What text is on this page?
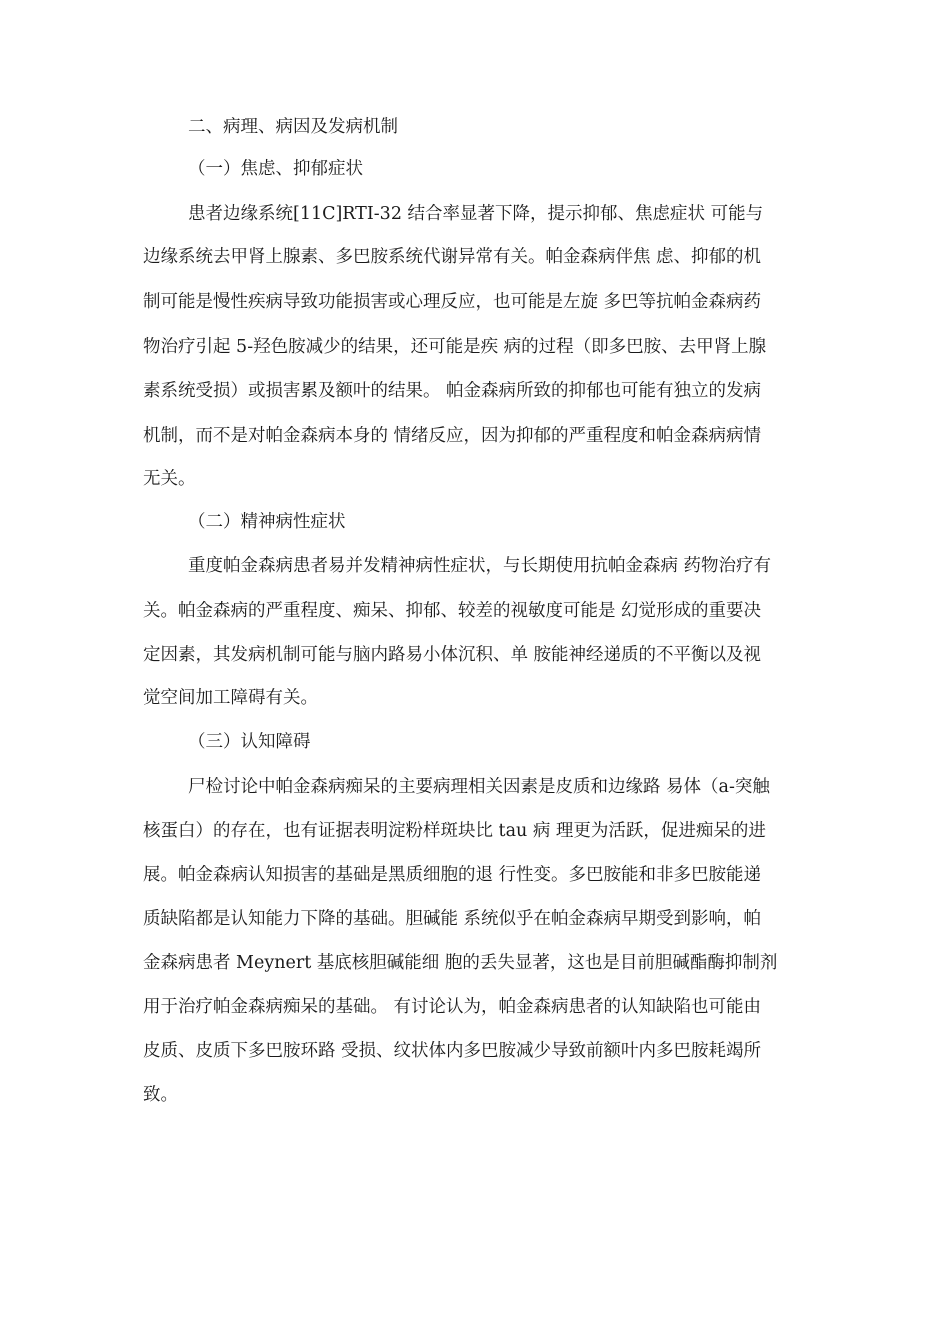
二、病理、病因及发病机制
（一）焦虑、抑郁症状
患者边缘系统[11C]RTI-32 结合率显著下降，提示抑郁、焦虑症状 可能与
边缘系统去甲肾上腺素、多巴胺系统代谢异常有关。帕金森病伴焦 虑、抑郁的机
制可能是慢性疾病导致功能损害或心理反应，也可能是左旋 多巴等抗帕金森病药
物治疗引起 5-羟色胺减少的结果，还可能是疾 病的过程（即多巴胺、去甲肾上腺
素系统受损）或损害累及额叶的结果。 帕金森病所致的抑郁也可能有独立的发病
机制，而不是对帕金森病本身的 情绪反应，因为抑郁的严重程度和帕金森病病情
无关。
（二）精神病性症状
重度帕金森病患者易并发精神病性症状，与长期使用抗帕金森病 药物治疗有
关。帕金森病的严重程度、痴呆、抑郁、较差的视敏度可能是 幻觉形成的重要决
定因素，其发病机制可能与脑内路易小体沉积、单 胺能神经递质的不平衡以及视
觉空间加工障碍有关。
（三）认知障碍
尸检讨论中帕金森病痴呆的主要病理相关因素是皮质和边缘路 易体（a-突触
核蛋白）的存在，也有证据表明淀粉样斑块比 tau 病 理更为活跃，促进痴呆的进
展。帕金森病认知损害的基础是黑质细胞的退 行性变。多巴胺能和非多巴胺能递
质缺陷都是认知能力下降的基础。胆碱能 系统似乎在帕金森病早期受到影响，帕
金森病患者 Meynert 基底核胆碱能细 胞的丢失显著，这也是目前胆碱酯酶抑制剂
用于治疗帕金森病痴呆的基础。 有讨论认为，帕金森病患者的认知缺陷也可能由
皮质、皮质下多巴胺环路 受损、纹状体内多巴胺减少导致前额叶内多巴胺耗竭所
致。
